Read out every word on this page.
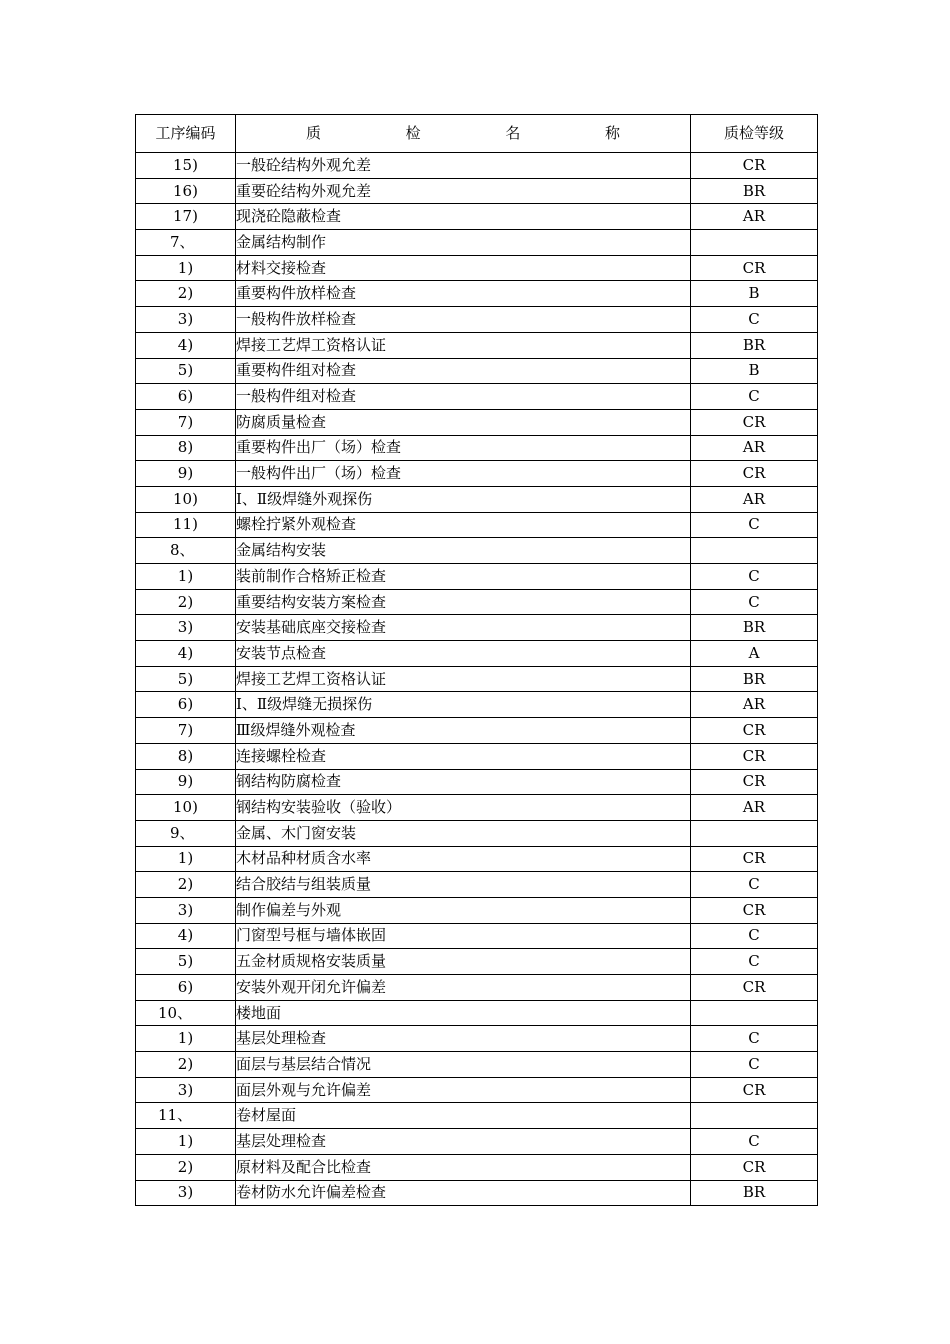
工序编码	质 检 名 称	质检等级
15)	一般砼结构外观允差	CR
16)	重要砼结构外观允差	BR
17)	现浇砼隐蔽检查	AR
7、	金属结构制作	
1)	材料交接检查	CR
2)	重要构件放样检查	B
3)	一般构件放样检查	C
4)	焊接工艺焊工资格认证	BR
5)	重要构件组对检查	B
6)	一般构件组对检查	C
7)	防腐质量检查	CR
8)	重要构件出厂（场）检查	AR
9)	一般构件出厂（场）检查	CR
10)	Ⅰ、Ⅱ级焊缝外观探伤	AR
11)	螺栓拧紧外观检查	C
8、	金属结构安装	
1)	装前制作合格矫正检查	C
2)	重要结构安装方案检查	C
3)	安装基础底座交接检查	BR
4)	安装节点检查	A
5)	焊接工艺焊工资格认证	BR
6)	Ⅰ、Ⅱ级焊缝无损探伤	AR
7)	Ⅲ级焊缝外观检查	CR
8)	连接螺栓检查	CR
9)	钢结构防腐检查	CR
10)	钢结构安装验收（验收）	AR
9、	金属、木门窗安装	
1)	木材品种材质含水率	CR
2)	结合胶结与组装质量	C
3)	制作偏差与外观	CR
4)	门窗型号框与墙体嵌固	C
5)	五金材质规格安装质量	C
6)	安装外观开闭允许偏差	CR
10、	楼地面	
1)	基层处理检查	C
2)	面层与基层结合情况	C
3)	面层外观与允许偏差	CR
11、	卷材屋面	
1)	基层处理检查	C
2)	原材料及配合比检查	CR
3)	卷材防水允许偏差检查	BR
